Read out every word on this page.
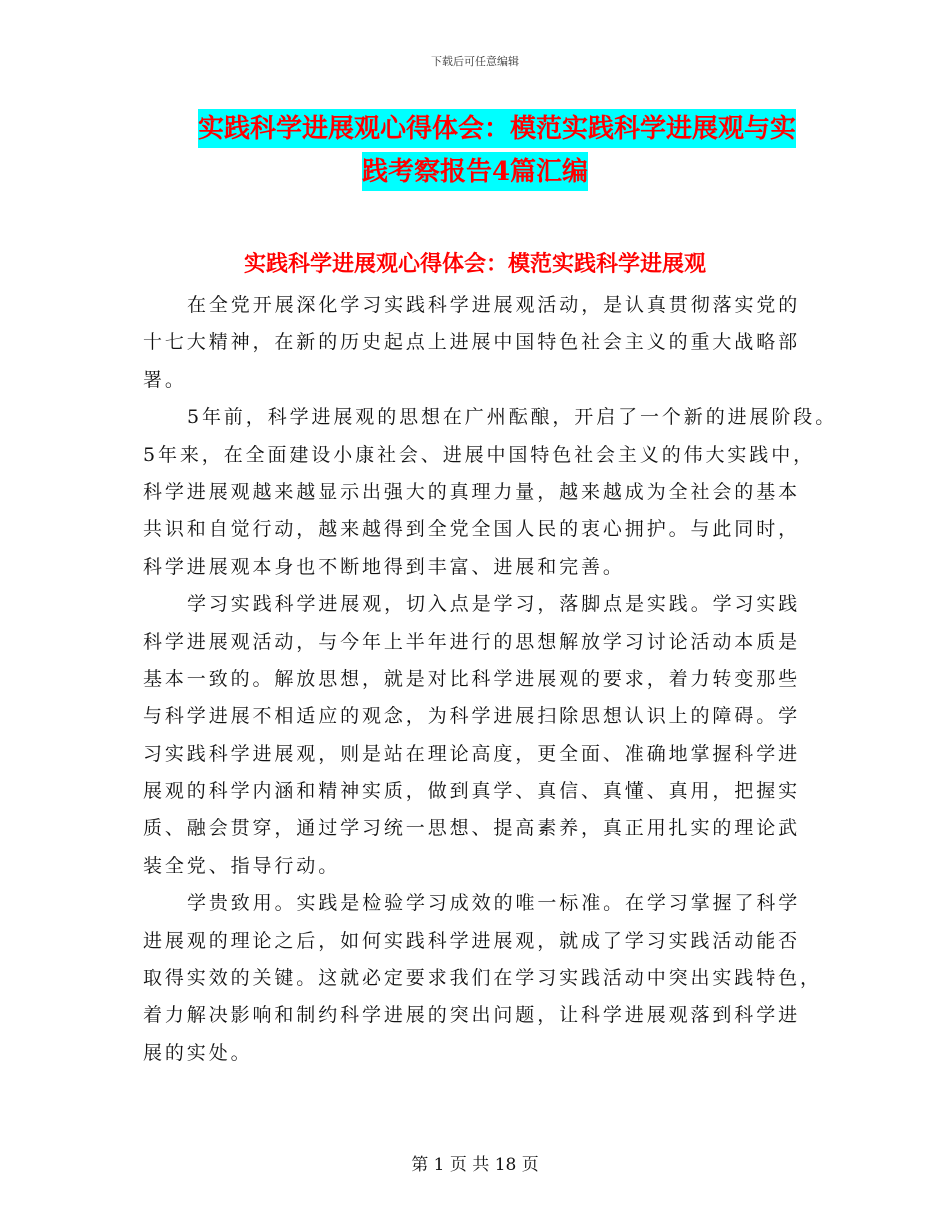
下载后可任意编辑
实践科学进展观心得体会：模范实践科学进展观与实
践考察报告4篇汇编
实践科学进展观心得体会：模范实践科学进展观
在全党开展深化学习实践科学进展观活动，是认真贯彻落实党的
十七大精神，在新的历史起点上进展中国特色社会主义的重大战略部
署。
5年前，科学进展观的思想在广州酝酿，开启了一个新的进展阶段。
5年来，在全面建设小康社会、进展中国特色社会主义的伟大实践中，
科学进展观越来越显示出强大的真理力量，越来越成为全社会的基本
共识和自觉行动，越来越得到全党全国人民的衷心拥护。与此同时，
科学进展观本身也不断地得到丰富、进展和完善。
学习实践科学进展观，切入点是学习，落脚点是实践。学习实践
科学进展观活动，与今年上半年进行的思想解放学习讨论活动本质是
基本一致的。解放思想，就是对比科学进展观的要求，着力转变那些
与科学进展不相适应的观念，为科学进展扫除思想认识上的障碍。学
习实践科学进展观，则是站在理论高度，更全面、准确地掌握科学进
展观的科学内涵和精神实质，做到真学、真信、真懂、真用，把握实
质、融会贯穿，通过学习统一思想、提高素养，真正用扎实的理论武
装全党、指导行动。
学贵致用。实践是检验学习成效的唯一标准。在学习掌握了科学
进展观的理论之后，如何实践科学进展观，就成了学习实践活动能否
取得实效的关键。这就必定要求我们在学习实践活动中突出实践特色，
着力解决影响和制约科学进展的突出问题，让科学进展观落到科学进
展的实处。
第 1 页 共 18 页
